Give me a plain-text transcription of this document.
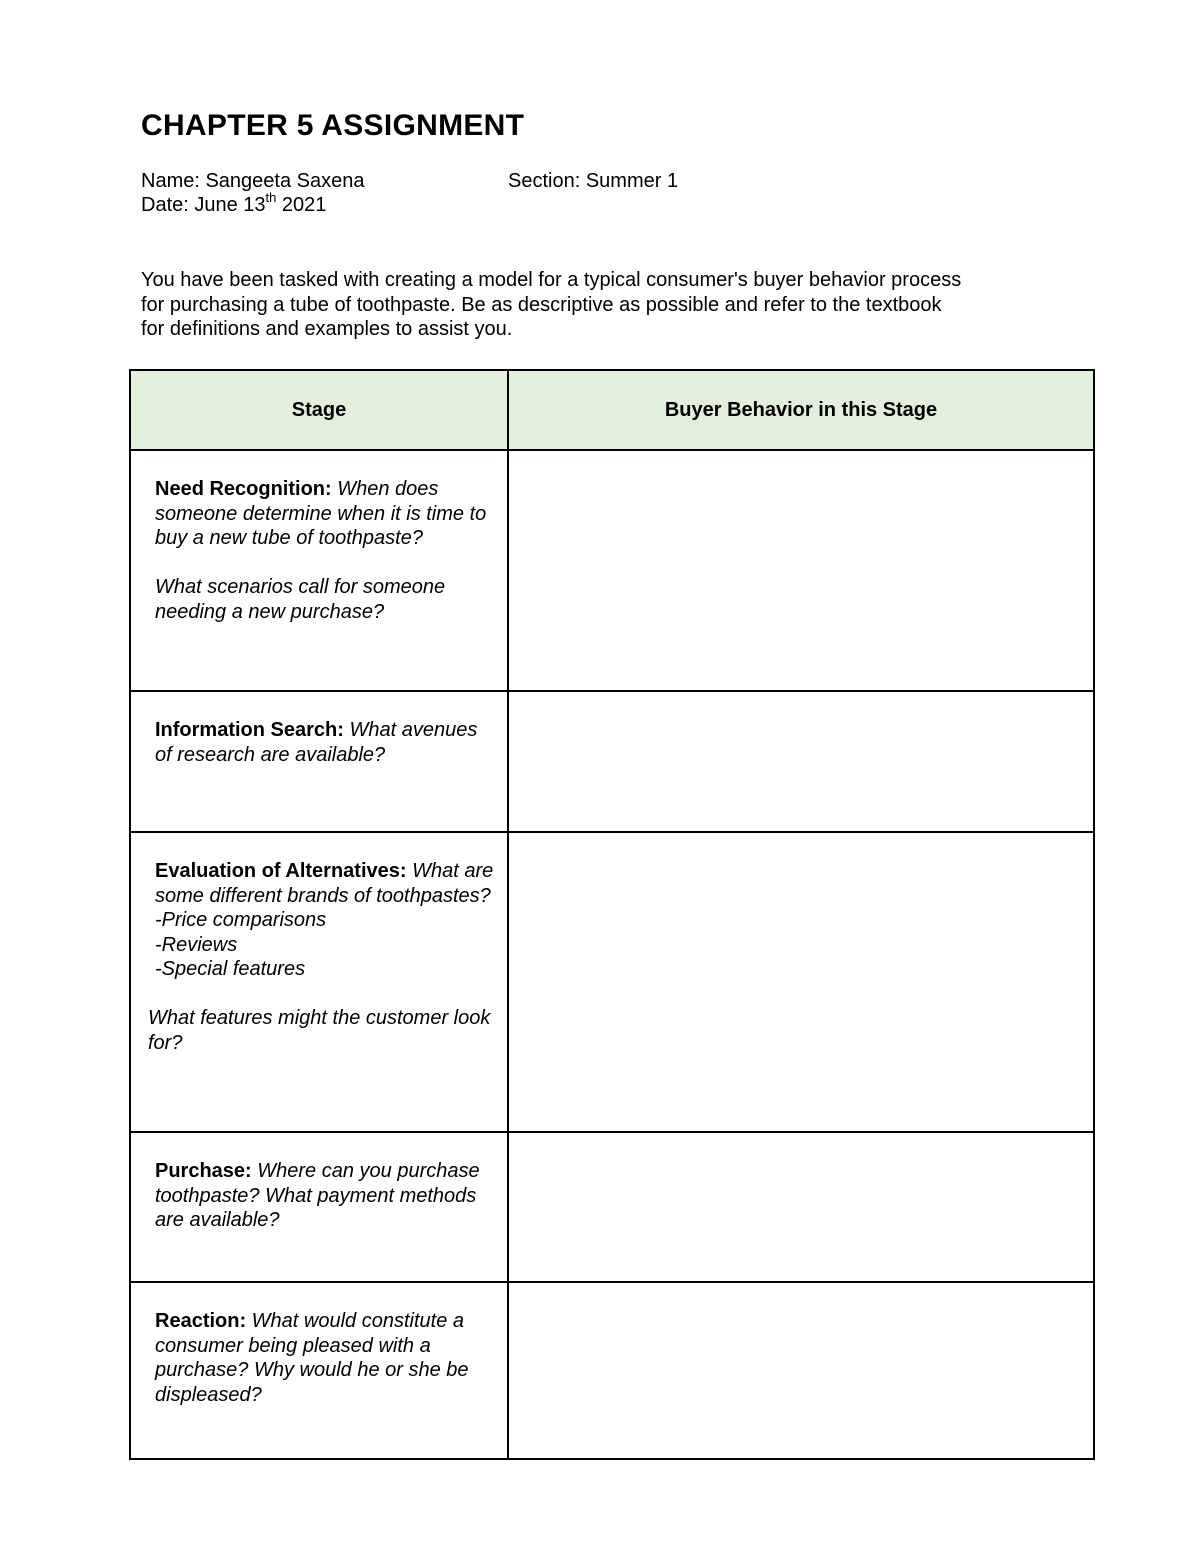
CHAPTER 5 ASSIGNMENT
Name: Sangeeta Saxena	Section: Summer 1
Date: June 13th 2021
You have been tasked with creating a model for a typical consumer's buyer behavior process
for purchasing a tube of toothpaste. Be as descriptive as possible and refer to the textbook
for definitions and examples to assist you.
Stage	Buyer Behavior in this Stage

Need Recognition: When does someone determine when it is time to buy a new tube of toothpaste?

What scenarios call for someone needing a new purchase?	

Information Search: What avenues of research are available?	

Evaluation of Alternatives: What are some different brands of toothpastes?
-Price comparisons
-Reviews
-Special features

What features might the customer look for?	

Purchase: Where can you purchase toothpaste? What payment methods are available?	

Reaction: What would constitute a consumer being pleased with a purchase? Why would he or she be displeased?	
